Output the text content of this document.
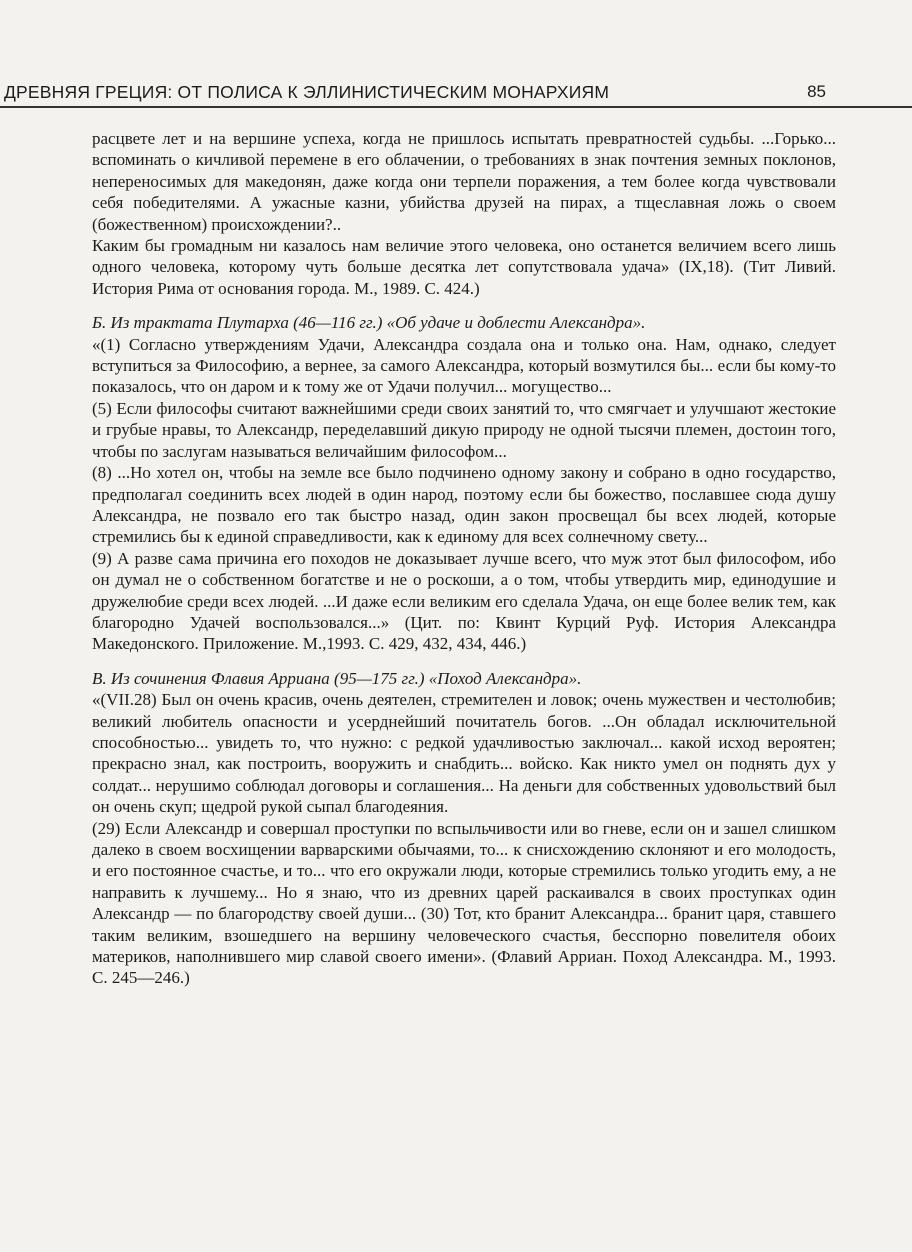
ДРЕВНЯЯ ГРЕЦИЯ: ОТ ПОЛИСА К ЭЛЛИНИСТИЧЕСКИМ МОНАРХИЯМ	85

расцвете лет и на вершине успеха, когда не пришлось испытать превратностей судьбы. ...Горько... вспоминать о кичливой перемене в его облачении, о требованиях в знак почтения земных поклонов, непереносимых для македонян, даже когда они терпели поражения, а тем более когда чувствовали себя победителями. А ужасные казни, убийства друзей на пирах, а тщеславная ложь о своем (божественном) происхождении?..

Каким бы громадным ни казалось нам величие этого человека, оно останется величием всего лишь одного человека, которому чуть больше десятка лет сопутствовала удача» (IX,18). (Тит Ливий. История Рима от основания города. М., 1989. С. 424.)

Б. Из трактата Плутарха (46—116 гг.) «Об удаче и доблести Александра».

«(1) Согласно утверждениям Удачи, Александра создала она и только она. Нам, однако, следует вступиться за Философию, а вернее, за самого Александра, который возмутился бы... если бы кому-то показалось, что он даром и к тому же от Удачи получил... могущество...

(5) Если философы считают важнейшими среди своих занятий то, что смягчает и улучшают жестокие и грубые нравы, то Александр, переделавший дикую природу не одной тысячи племен, достоин того, чтобы по заслугам называться величайшим философом...

(8) ...Но хотел он, чтобы на земле все было подчинено одному закону и собрано в одно государство, предполагал соединить всех людей в один народ, поэтому если бы божество, пославшее сюда душу Александра, не позвало его так быстро назад, один закон просвещал бы всех людей, которые стремились бы к единой справедливости, как к единому для всех солнечному свету...

(9) А разве сама причина его походов не доказывает лучше всего, что муж этот был философом, ибо он думал не о собственном богатстве и не о роскоши, а о том, чтобы утвердить мир, единодушие и дружелюбие среди всех людей. ...И даже если великим его сделала Удача, он еще более велик тем, как благородно Удачей воспользовался...» (Цит. по: Квинт Курций Руф. История Александра Македонского. Приложение. М.,1993. С. 429, 432, 434, 446.)

В. Из сочинения Флавия Арриана (95—175 гг.) «Поход Александра».

«(VII.28) Был он очень красив, очень деятелен, стремителен и ловок; очень мужествен и честолюбив; великий любитель опасности и усерднейший почитатель богов. ...Он обладал исключительной способностью... увидеть то, что нужно: с редкой удачливостью заключал... какой исход вероятен; прекрасно знал, как построить, вооружить и снабдить... войско. Как никто умел он поднять дух у солдат... нерушимо соблюдал договоры и соглашения... На деньги для собственных удовольствий был он очень скуп; щедрой рукой сыпал благодеяния.

(29) Если Александр и совершал проступки по вспыльчивости или во гневе, если он и зашел слишком далеко в своем восхищении варварскими обычаями, то... к снисхождению склоняют и его молодость, и его постоянное счастье, и то... что его окружали люди, которые стремились только угодить ему, а не направить к лучшему... Но я знаю, что из древних царей раскаивался в своих проступках один Александр — по благородству своей души... (30) Тот, кто бранит Александра... бранит царя, ставшего таким великим, взошедшего на вершину человеческого счастья, бесспорно повелителя обоих материков, наполнившего мир славой своего имени». (Флавий Арриан. Поход Александра. М., 1993. С. 245—246.)
